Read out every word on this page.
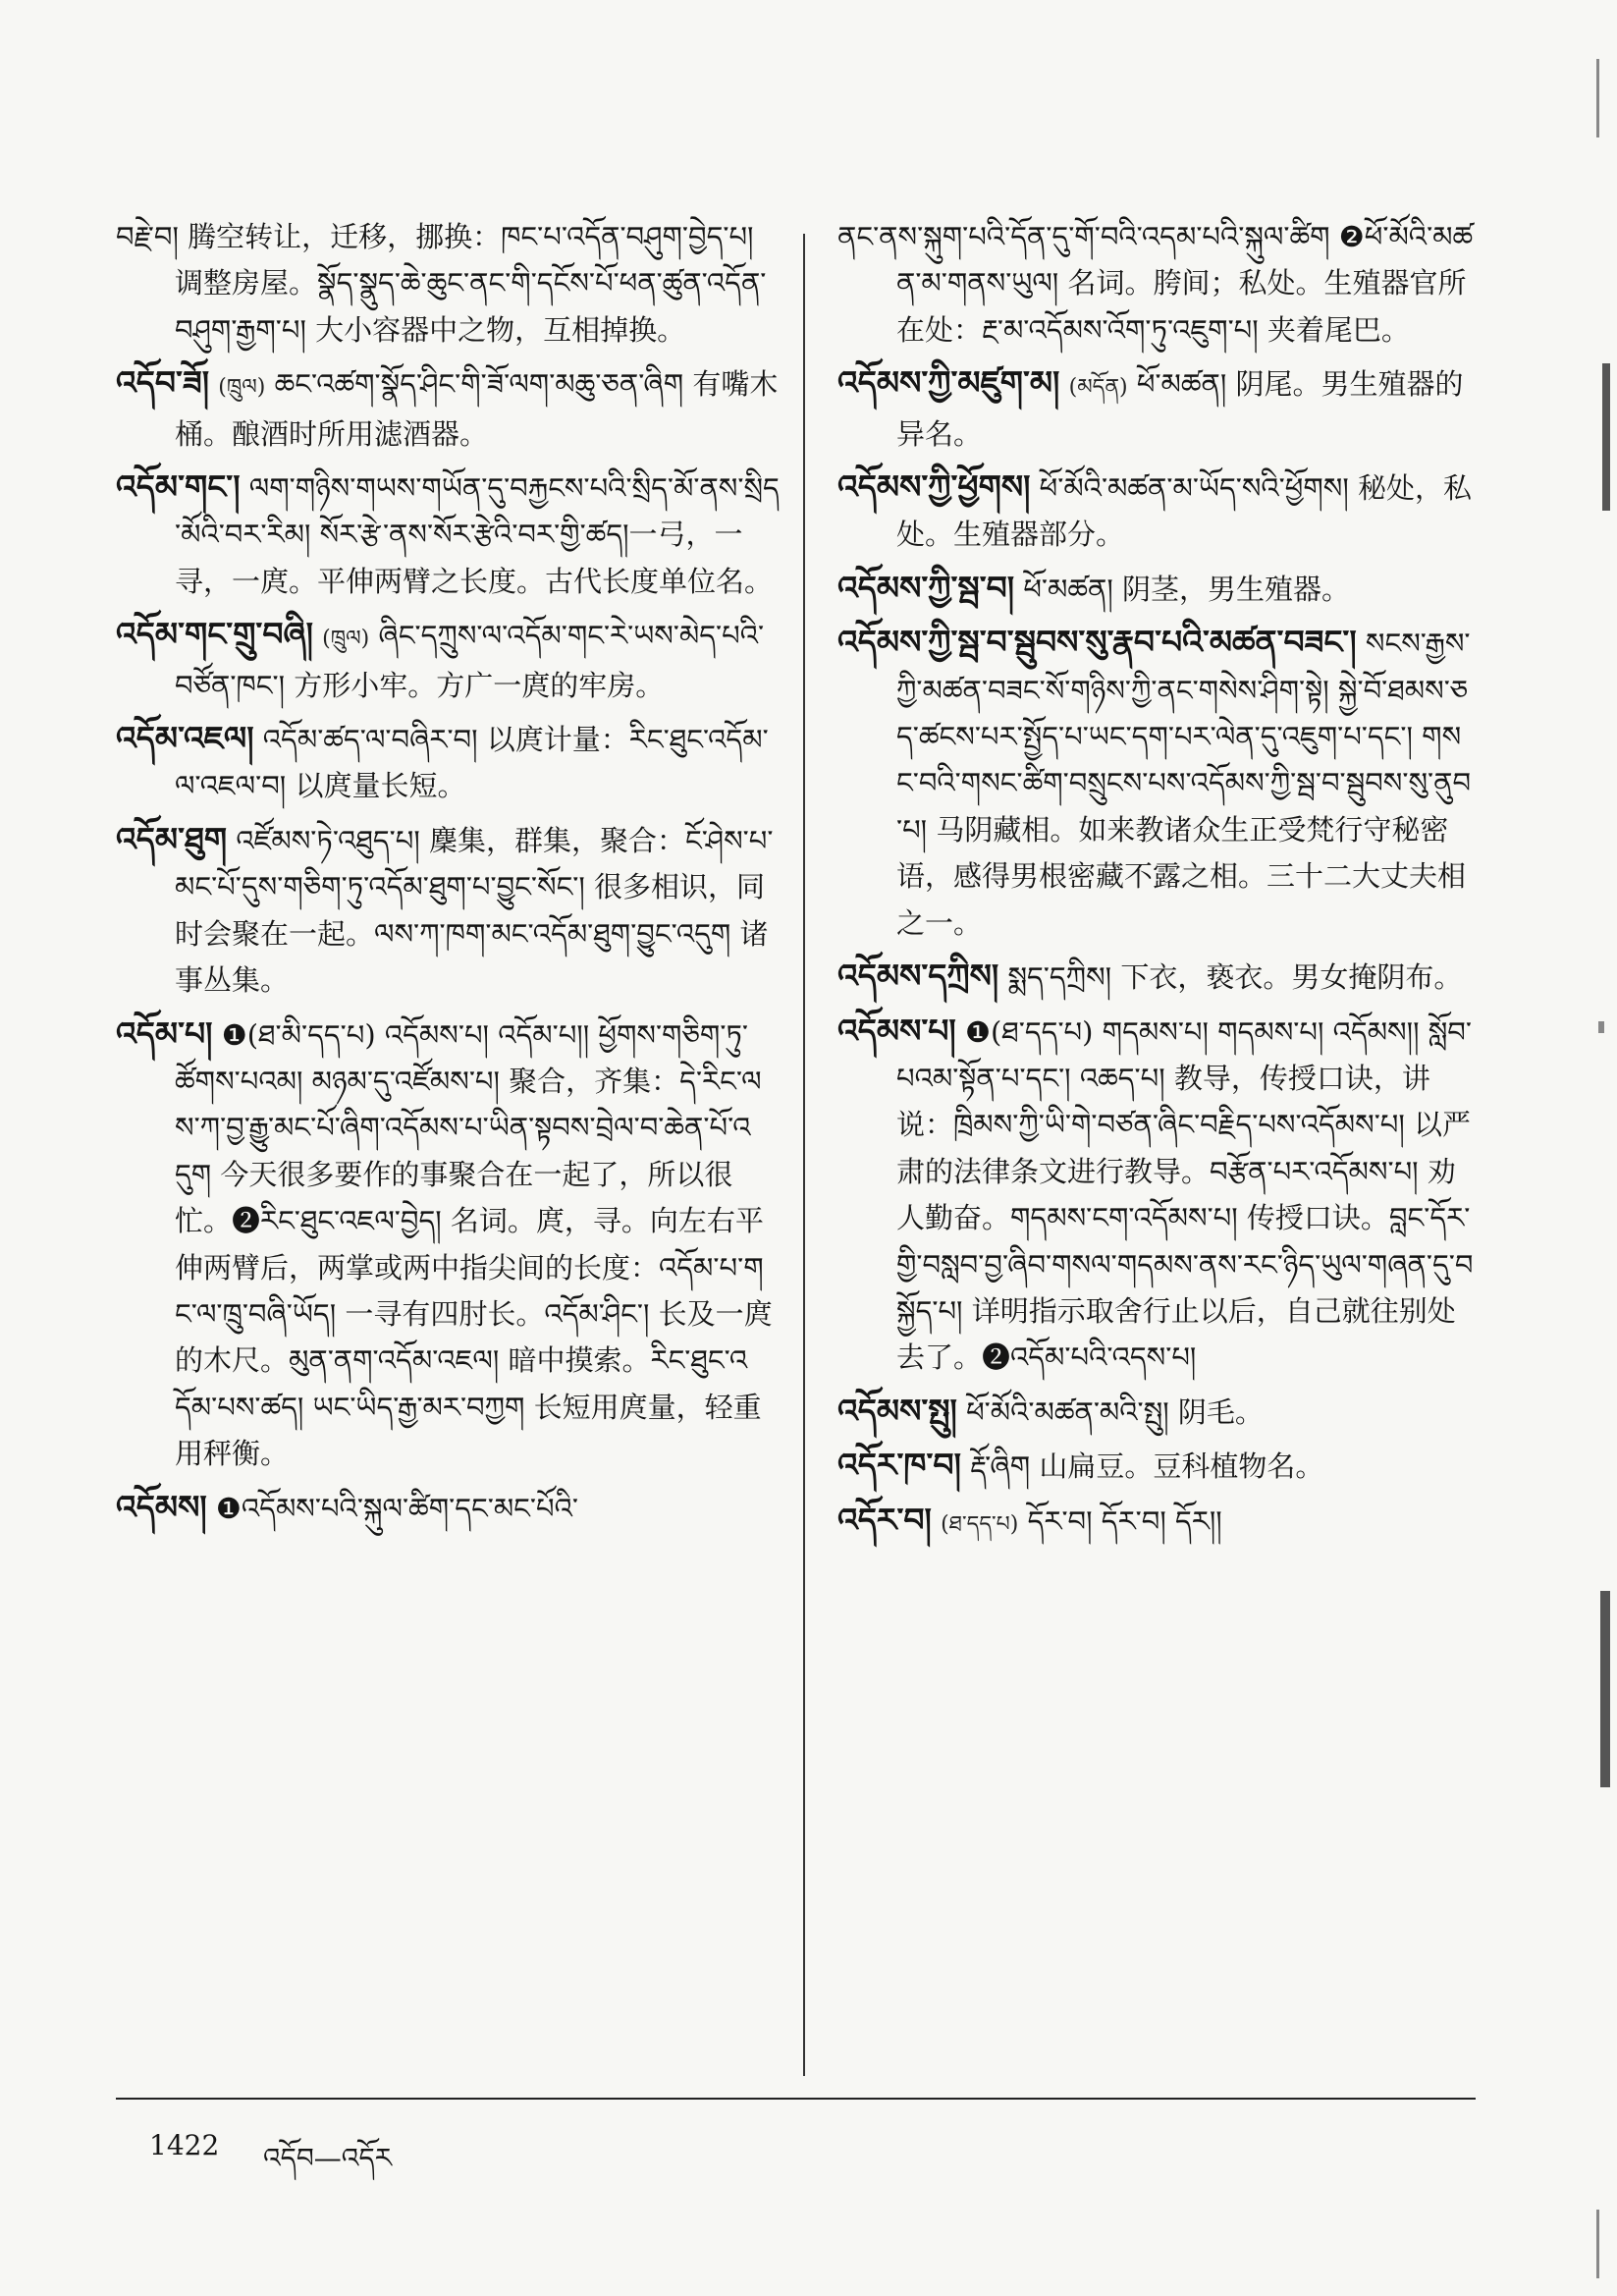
བརྗེ་བ། 腾空转让，迁移，挪换：ཁང་པ་འདོན་བཤུག་བྱེད་པ། 调整房屋。སྣོད་སྣུད་ཆེ་ཆུང་ནང་གི་དངོས་པོ་ཕན་ཚུན་འདོན་བཤུག་རྒྱག་པ། 大小容器中之物，互相掉换。

འདོབ་ཟོ། (ཁྲུལ) ཆང་འཚག་སྣོད་ཤིང་གི་ཟོ་ལག་མཆུ་ཅན་ཞིག 有嘴木桶。酿酒时所用滤酒器。

འདོམ་གང་། ལག་གཉིས་གཡས་གཡོན་དུ་བརྐྱངས་པའི་སྲིད་མོ་ནས་སྲིད་མོའི་བར་རིམ། སོར་རྩེ་ནས་སོར་རྩེའི་བར་གྱི་ཚད།一弓，一寻，一庹。平伸两臂之长度。古代长度单位名。

འདོམ་གང་གྲུ་བཞི། (ཁྲུལ) ཞིང་དཀྲུས་ལ་འདོམ་གང་རེ་ཡས་མེད་པའི་བཙོན་ཁང་། 方形小牢。方广一庹的牢房。

འདོམ་འཇལ། འདོམ་ཚད་ལ་བཞིར་བ། 以庹计量：རིང་ཐུང་འདོམ་ལ་འཇལ་བ། 以庹量长短。

འདོམ་ཐུག འཛོམས་ཏེ་འཐུད་པ། 麇集，群集，聚合：ངོ་ཤེས་པ་མང་པོ་དུས་གཅིག་ཏུ་འདོམ་ཐུག་པ་བྱུང་སོང་། 很多相识，同时会聚在一起。ལས་ཀ་ཁག་མང་འདོམ་ཐུག་བྱུང་འདུག 诸事丛集。

འདོམ་པ། ❶(ཐ་མི་དད་པ) འདོམས་པ། འདོམ་པ།། ཕྱོགས་གཅིག་ཏུ་ཚོགས་པའམ། མཉམ་དུ་འཛོམས་པ། 聚合，齐集：དེ་རིང་ལས་ཀ་བྱ་རྒྱུ་མང་པོ་ཞིག་འདོམས་པ་ཡིན་སྟབས་བྲེལ་བ་ཆེན་པོ་འདུག 今天很多要作的事聚合在一起了，所以很忙。❷རིང་ཐུང་འཇལ་བྱེད། 名词。庹，寻。向左右平伸两臂后，两掌或两中指尖间的长度：འདོམ་པ་གང་ལ་ཁྲུ་བཞི་ཡོད། 一寻有四肘长。འདོམ་ཤིང་། 长及一庹的木尺。མུན་ནག་འདོམ་འཇལ། 暗中摸索。རིང་ཐུང་འདོམ་པས་ཚད། ཡང་ཡིད་རྒྱ་མར་བཀྱག 长短用庹量，轻重用秤衡。

འདོམས། ❶འདོམས་པའི་སྐུལ་ཚིག་དང་མང་པོའི་

ནང་ནས་སྐུག་པའི་དོན་དུ་གོ་བའི་འདམ་པའི་སྐུལ་ཚིག ❷ཕོ་མོའི་མཚན་མ་གནས་ཡུལ། 名词。胯间；私处。生殖器官所在处：རྔ་མ་འདོམས་འོག་ཏུ་འཇུག་པ། 夹着尾巴。

འདོམས་ཀྱི་མཛུག་མ། (མདོན) ཕོ་མཚན། 阴尾。男生殖器的异名。

འདོམས་ཀྱི་ཕྱོགས། ཕོ་མོའི་མཚན་མ་ཡོད་སའི་ཕྱོགས། 秘处，私处。生殖器部分。

འདོམས་ཀྱི་སྦ་བ། ཕོ་མཚན། 阴茎，男生殖器。

འདོམས་ཀྱི་སྦ་བ་སྦུབས་སུ་རྣབ་པའི་མཚན་བཟང་། སངས་རྒྱས་ཀྱི་མཚན་བཟང་སོ་གཉིས་ཀྱི་ནང་གསེས་ཤིག་སྟེ། སྐྱེ་བོ་ཐམས་ཅད་ཚངས་པར་སྤྱོད་པ་ཡང་དག་པར་ལེན་དུ་འཇུག་པ་དང་། གསང་བའི་གསང་ཚིག་བསྲུངས་པས་འདོམས་ཀྱི་སྦ་བ་སྦུབས་སུ་ནུབ་པ། 马阴藏相。如来教诸众生正受梵行守秘密语，感得男根密藏不露之相。三十二大丈夫相之一。

འདོམས་དཀྲིས། སྨད་དཀྲིས། 下衣，亵衣。男女掩阴布。

འདོམས་པ། ❶(ཐ་དད་པ) གདམས་པ། གདམས་པ། འདོམས།། སློབ་པའམ་སྟོན་པ་དང་། འཆད་པ། 教导，传授口诀，讲说：ཁྲིམས་ཀྱི་ཡི་གེ་བཙན་ཞིང་བརྗིད་པས་འདོམས་པ། 以严肃的法律条文进行教导。བརྩོན་པར་འདོམས་པ། 劝人勤奋。གདམས་ངག་འདོམས་པ། 传授口诀。བླང་དོར་གྱི་བསླབ་བྱ་ཞིབ་གསལ་གདམས་ནས་རང་ཉིད་ཡུལ་གཞན་དུ་བསྐྱོད་པ། 详明指示取舍行止以后，自己就往别处去了。❷འདོམ་པའི་འདས་པ།

འདོམས་སྤུ། ཕོ་མོའི་མཚན་མའི་སྤུ། 阴毛。

འདོར་ཁ་བ། རྡོ་ཞིག 山扁豆。豆科植物名。

འདོར་བ། (ཐ་དད་པ) དོར་བ། དོར་བ། དོར།།

1422 འདོབ—འདོར
